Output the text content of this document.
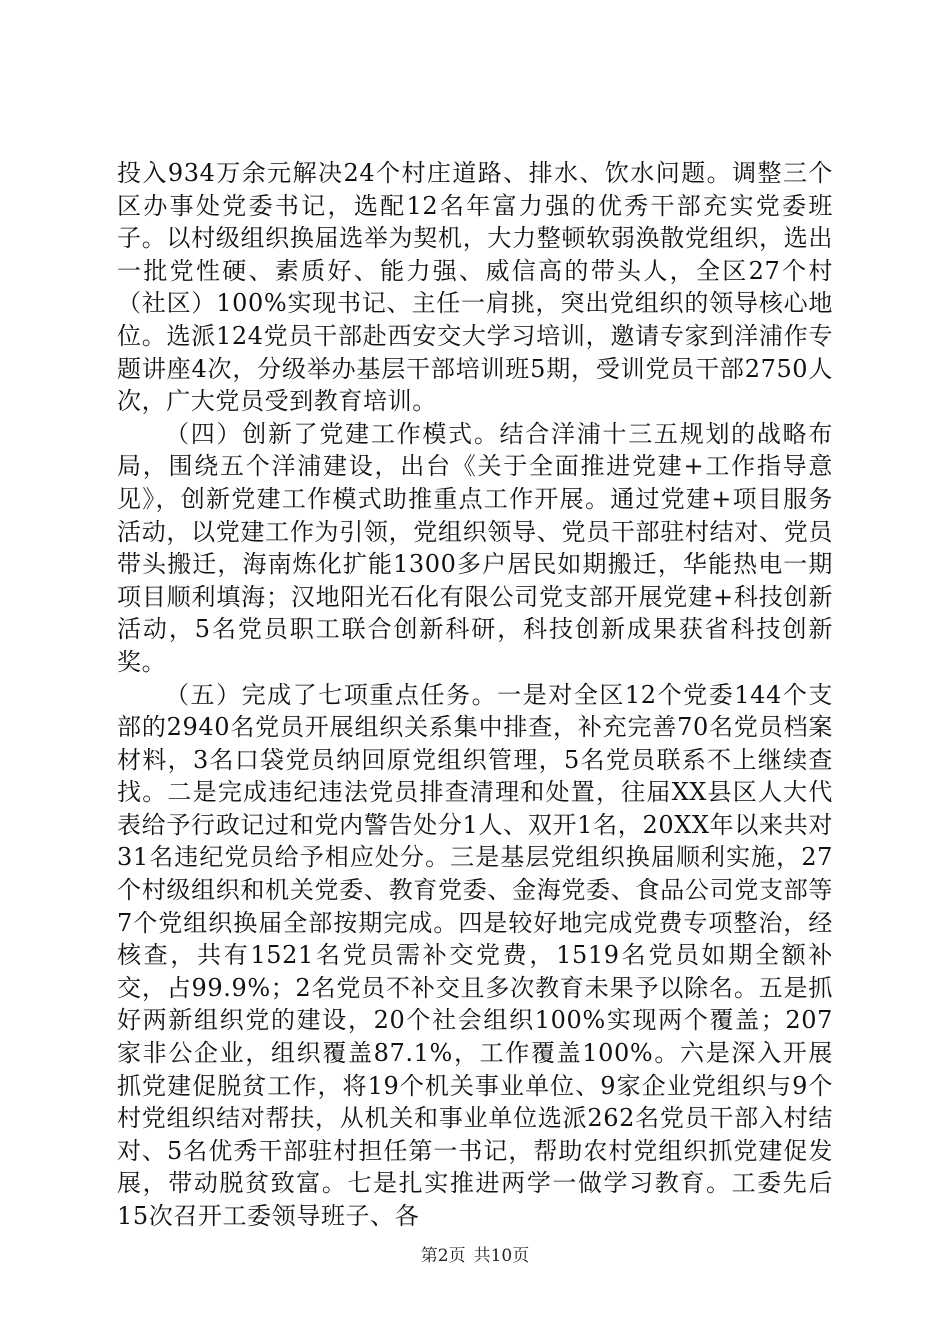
投入934万余元解决24个村庄道路、排水、饮水问题。调整三个区办事处党委书记，选配12名年富力强的优秀干部充实党委班子。以村级组织换届选举为契机，大力整顿软弱涣散党组织，选出一批党性硬、素质好、能力强、威信高的带头人，全区27个村（社区）100%实现书记、主任一肩挑，突出党组织的领导核心地位。选派124党员干部赴西安交大学习培训，邀请专家到洋浦作专题讲座4次，分级举办基层干部培训班5期，受训党员干部2750人次，广大党员受到教育培训。

（四）创新了党建工作模式。结合洋浦十三五规划的战略布局，围绕五个洋浦建设，出台《关于全面推进党建+工作指导意见》，创新党建工作模式助推重点工作开展。通过党建+项目服务活动，以党建工作为引领，党组织领导、党员干部驻村结对、党员带头搬迁，海南炼化扩能1300多户居民如期搬迁，华能热电一期项目顺利填海；汉地阳光石化有限公司党支部开展党建+科技创新活动，5名党员职工联合创新科研，科技创新成果获省科技创新奖。

（五）完成了七项重点任务。一是对全区12个党委144个支部的2940名党员开展组织关系集中排查，补充完善70名党员档案材料，3名口袋党员纳回原党组织管理，5名党员联系不上继续查找。二是完成违纪违法党员排查清理和处置，往届XX县区人大代表给予行政记过和党内警告处分1人、双开1名，20XX年以来共对31名违纪党员给予相应处分。三是基层党组织换届顺利实施，27个村级组织和机关党委、教育党委、金海党委、食品公司党支部等7个党组织换届全部按期完成。四是较好地完成党费专项整治，经核查，共有1521名党员需补交党费，1519名党员如期全额补交，占99.9%；2名党员不补交且多次教育未果予以除名。五是抓好两新组织党的建设，20个社会组织100%实现两个覆盖；207家非公企业，组织覆盖87.1%，工作覆盖100%。六是深入开展抓党建促脱贫工作，将19个机关事业单位、9家企业党组织与9个村党组织结对帮扶，从机关和事业单位选派262名党员干部入村结对、5名优秀干部驻村担任第一书记，帮助农村党组织抓党建促发展，带动脱贫致富。七是扎实推进两学一做学习教育。工委先后15次召开工委领导班子、各

第2页 共10页
